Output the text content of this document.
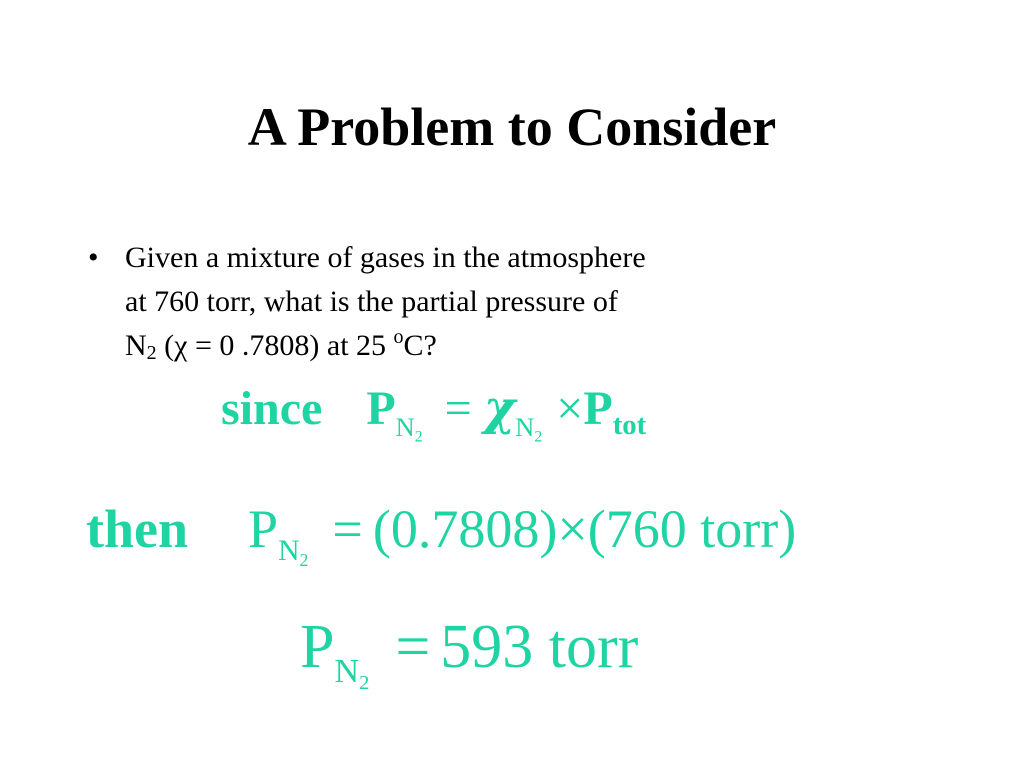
A Problem to Consider
• Given a mixture of gases in the atmosphere
at 760 torr, what is the partial pressure of
$N_2$ (χ = 0 .7808) at 25 $^o$C?
since $P_{N_2}= \chi_{N_2}\times P_{tot}$
then $P_{N_2}= (0.7808)\times(760$ torr)
$P_{N_2}= 593$ torr
